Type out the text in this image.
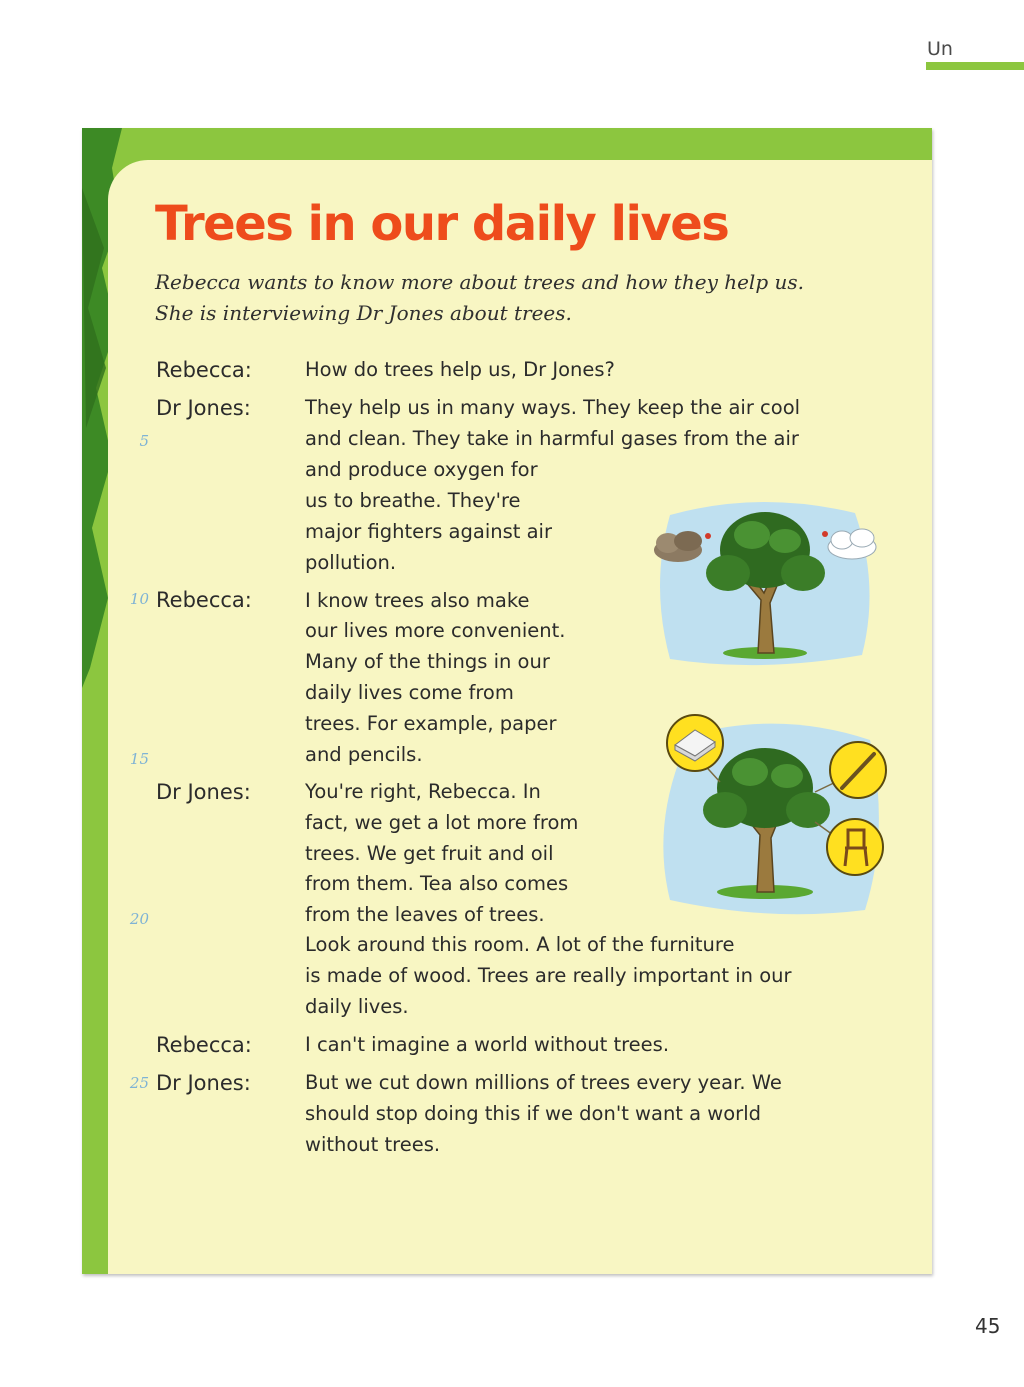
Un
Trees in our daily lives
Rebecca wants to know more about trees and how they help us.
She is interviewing Dr Jones about trees.
5
10
15
20
25
Rebecca:
Dr Jones:
Rebecca:
Dr Jones:
Rebecca:
Dr Jones:
How do trees help us, Dr Jones?
They help us in many ways. They keep the air cool
and clean. They take in harmful gases from the air
and produce oxygen for
us to breathe. They're
major fighters against air
pollution.
I know trees also make
our lives more convenient.
Many of the things in our
daily lives come from
trees. For example, paper
and pencils.
You're right, Rebecca. In
fact, we get a lot more from
trees. We get fruit and oil
from them. Tea also comes
from the leaves of trees.
Look around this room. A lot of the furniture
is made of wood. Trees are really important in our
daily lives.
I can't imagine a world without trees.
But we cut down millions of trees every year. We
should stop doing this if we don't want a world
without trees.
45
